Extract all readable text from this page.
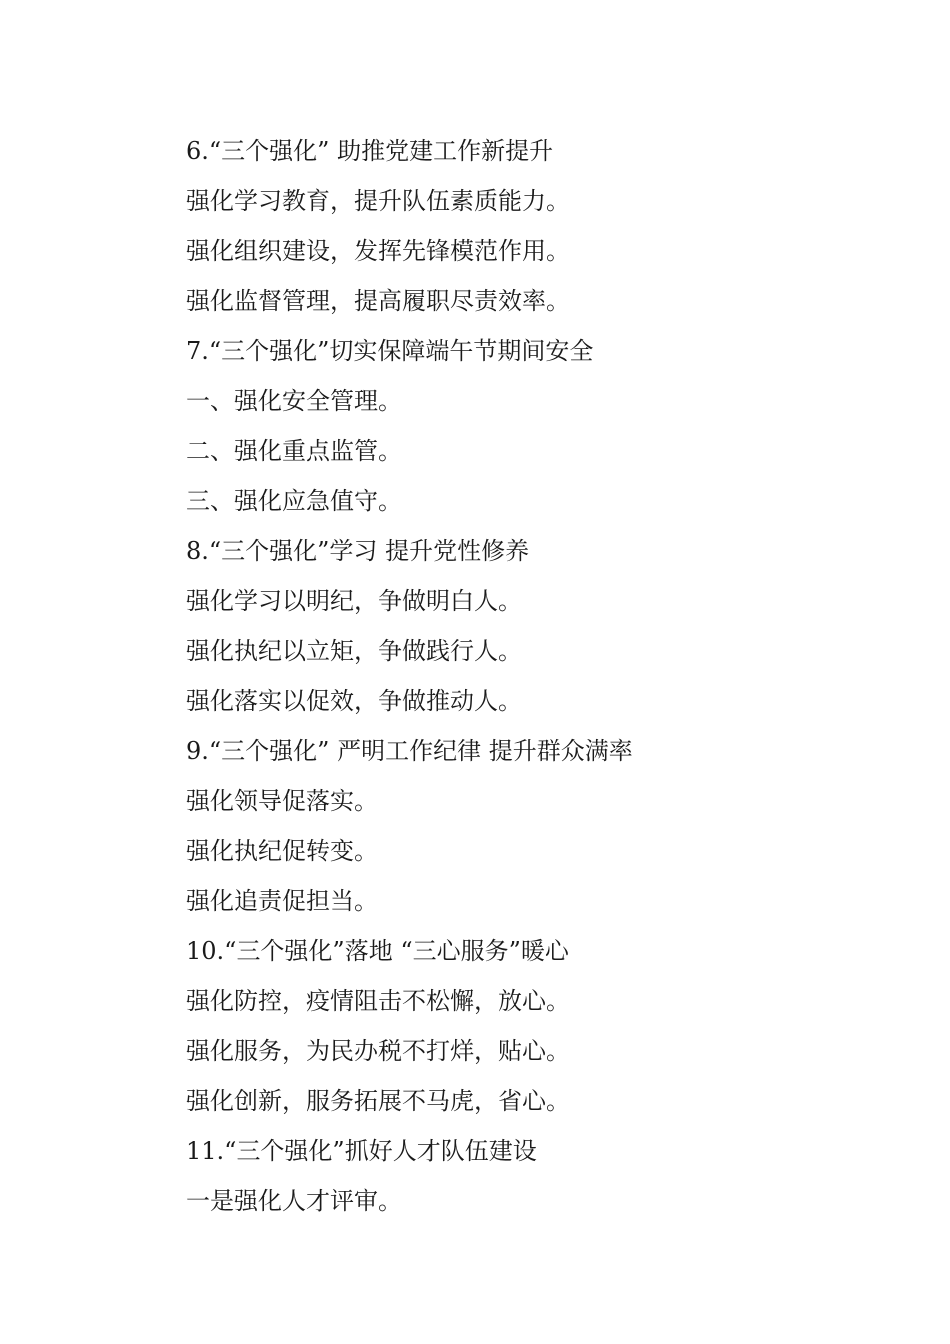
6.“三个强化” 助推党建工作新提升
强化学习教育，提升队伍素质能力。
强化组织建设，发挥先锋模范作用。
强化监督管理，提高履职尽责效率。
7.“三个强化”切实保障端午节期间安全
一、强化安全管理。
二、强化重点监管。
三、强化应急值守。
8.“三个强化”学习 提升党性修养
强化学习以明纪，争做明白人。
强化执纪以立矩，争做践行人。
强化落实以促效，争做推动人。
9.“三个强化” 严明工作纪律 提升群众满率
强化领导促落实。
强化执纪促转变。
强化追责促担当。
10.“三个强化”落地 “三心服务”暖心
强化防控，疫情阻击不松懈，放心。
强化服务，为民办税不打烊，贴心。
强化创新，服务拓展不马虎，省心。
11.“三个强化”抓好人才队伍建设
一是强化人才评审。
